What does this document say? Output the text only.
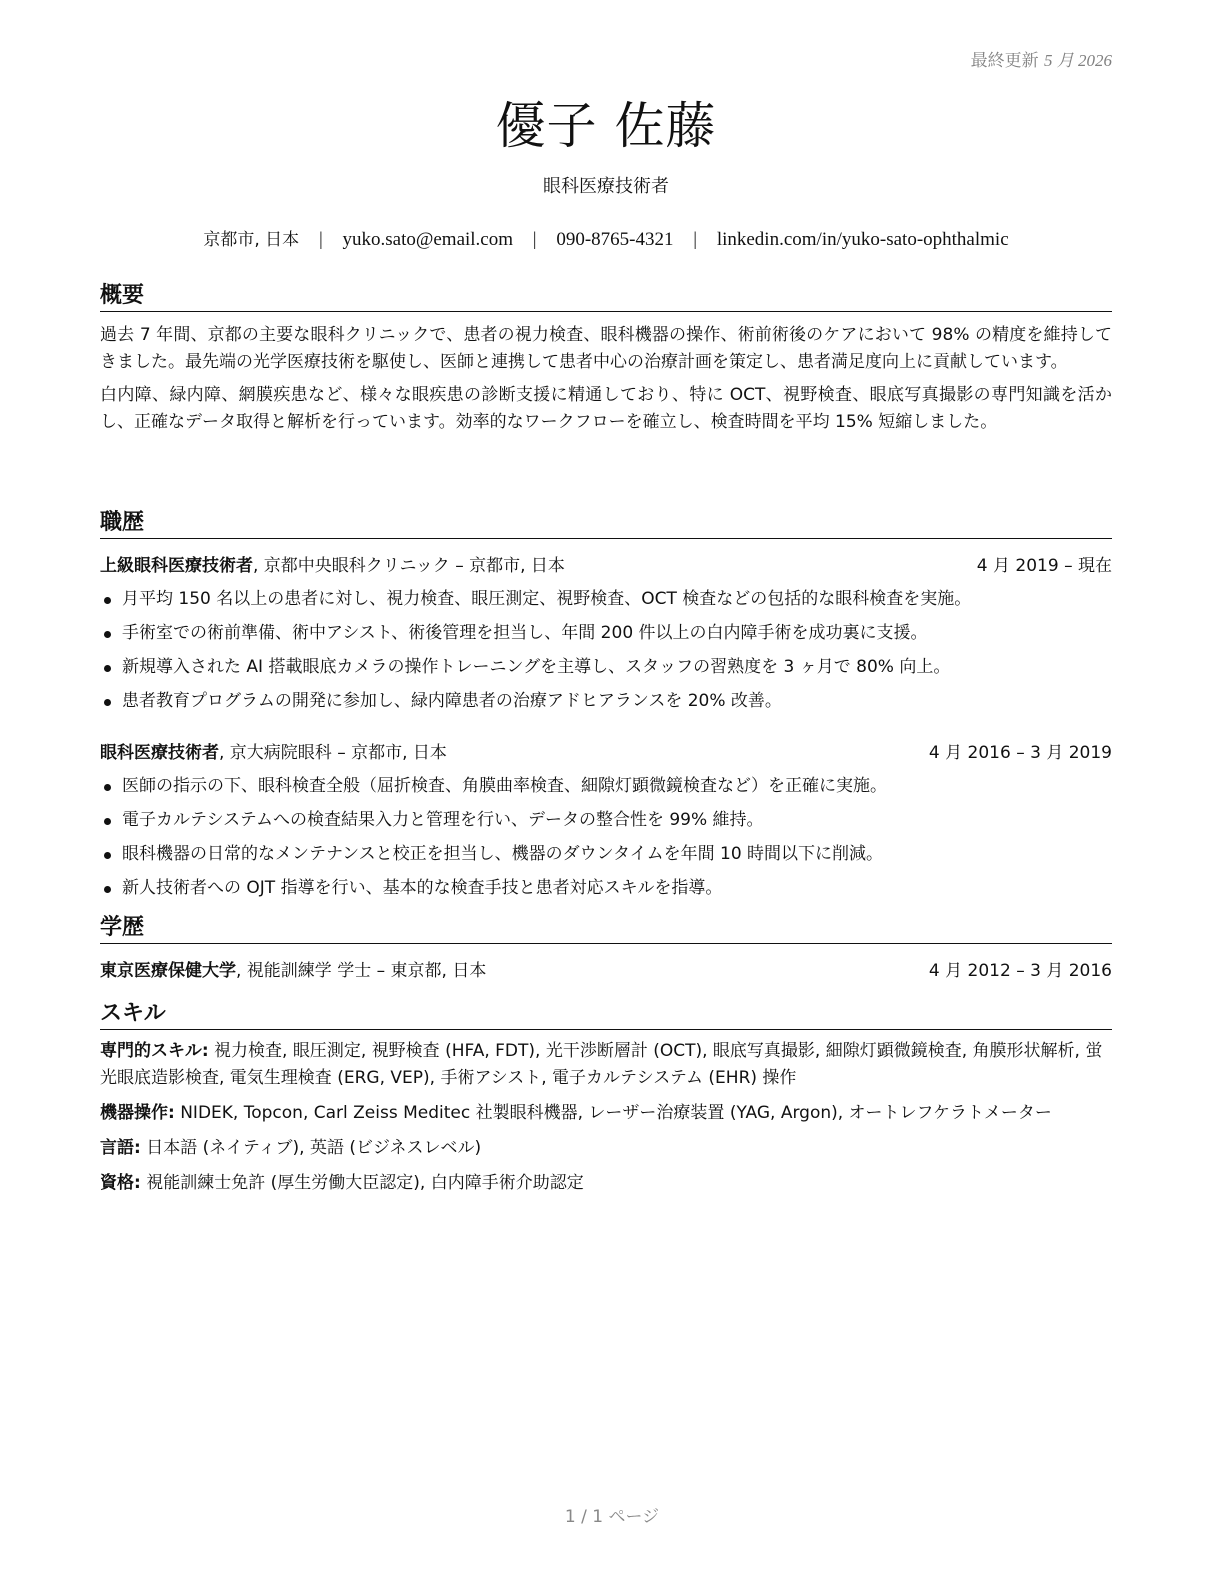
最終更新 5 月 2026
優子 佐藤
眼科医療技術者
京都市, 日本 | yuko.sato@email.com | 090-8765-4321 | linkedin.com/in/yuko-sato-ophthalmic
概要

過去 7 年間、京都の主要な眼科クリニックで、患者の視力検査、眼科機器の操作、術前術後のケアにおいて 98% の精度を維持してきました。最先端の光学医療技術を駆使し、医師と連携して患者中心の治療計画を策定し、患者満足度向上に貢献しています。

白内障、緑内障、網膜疾患など、様々な眼疾患の診断支援に精通しており、特に OCT、視野検査、眼底写真撮影の専門知識を活かし、正確なデータ取得と解析を行っています。効率的なワークフローを確立し、検査時間を平均 15% 短縮しました。

職歴
上級眼科医療技術者, 京都中央眼科クリニック – 京都市, 日本	4 月 2019 – 現在
月平均 150 名以上の患者に対し、視力検査、眼圧測定、視野検査、OCT 検査などの包括的な眼科検査を実施。
手術室での術前準備、術中アシスト、術後管理を担当し、年間 200 件以上の白内障手術を成功裏に支援。
新規導入された AI 搭載眼底カメラの操作トレーニングを主導し、スタッフの習熟度を 3 ヶ月で 80% 向上。
患者教育プログラムの開発に参加し、緑内障患者の治療アドヒアランスを 20% 改善。
眼科医療技術者, 京大病院眼科 – 京都市, 日本	4 月 2016 – 3 月 2019
医師の指示の下、眼科検査全般（屈折検査、角膜曲率検査、細隙灯顕微鏡検査など）を正確に実施。
電子カルテシステムへの検査結果入力と管理を行い、データの整合性を 99% 維持。
眼科機器の日常的なメンテナンスと校正を担当し、機器のダウンタイムを年間 10 時間以下に削減。
新人技術者への OJT 指導を行い、基本的な検査手技と患者対応スキルを指導。
学歴
東京医療保健大学, 視能訓練学 学士 – 東京都, 日本	4 月 2012 – 3 月 2016
スキル

専門的スキル: 視力検査, 眼圧測定, 視野検査 (HFA, FDT), 光干渉断層計 (OCT), 眼底写真撮影, 細隙灯顕微鏡検査, 角膜形状解析, 蛍光眼底造影検査, 電気生理検査 (ERG, VEP), 手術アシスト, 電子カルテシステム (EHR) 操作

機器操作: NIDEK, Topcon, Carl Zeiss Meditec 社製眼科機器, レーザー治療装置 (YAG, Argon), オートレフケラトメーター

言語: 日本語 (ネイティブ), 英語 (ビジネスレベル)

資格: 視能訓練士免許 (厚生労働大臣認定), 白内障手術介助認定

1 / 1 ページ
